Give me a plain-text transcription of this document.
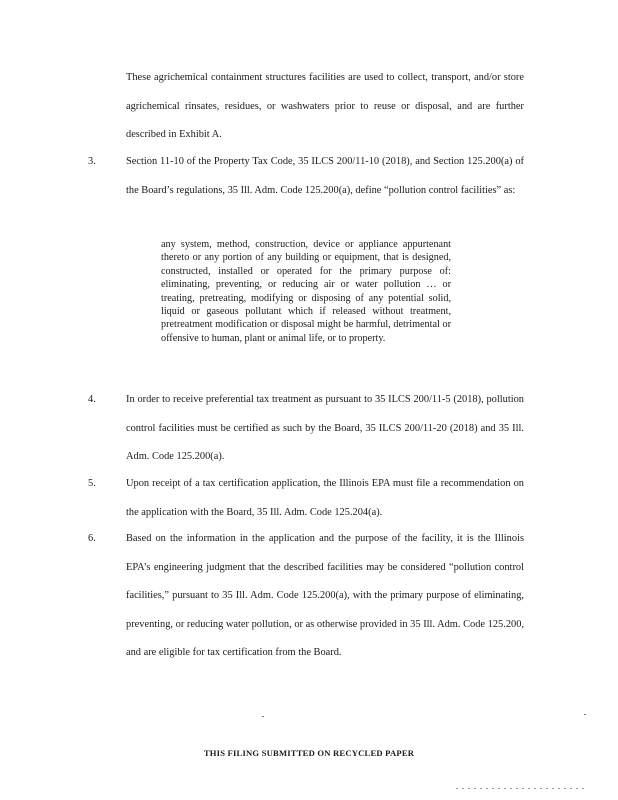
These agrichemical containment structures facilities are used to collect, transport, and/or store agrichemical rinsates, residues, or washwaters prior to reuse or disposal, and are further described in Exhibit A.
3.	Section 11-10 of the Property Tax Code, 35 ILCS 200/11-10 (2018), and Section 125.200(a) of the Board’s regulations, 35 Ill. Adm. Code 125.200(a), define “pollution control facilities” as:
any system, method, construction, device or appliance appurtenant thereto or any portion of any building or equipment, that is designed, constructed, installed or operated for the primary purpose of: eliminating, preventing, or reducing air or water pollution … or treating, pretreating, modifying or disposing of any potential solid, liquid or gaseous pollutant which if released without treatment, pretreatment modification or disposal might be harmful, detrimental or offensive to human, plant or animal life, or to property.
4.	In order to receive preferential tax treatment as pursuant to 35 ILCS 200/11-5 (2018), pollution control facilities must be certified as such by the Board, 35 ILCS 200/11-20 (2018) and 35 Ill. Adm. Code 125.200(a).
5.	Upon receipt of a tax certification application, the Illinois EPA must file a recommendation on the application with the Board, 35 Ill. Adm. Code 125.204(a).
6.	Based on the information in the application and the purpose of the facility, it is the Illinois EPA’s engineering judgment that the described facilities may be considered “pollution control facilities,” pursuant to 35 Ill. Adm. Code 125.200(a), with the primary purpose of eliminating, preventing, or reducing water pollution, or as otherwise provided in 35 Ill. Adm. Code 125.200, and are eligible for tax certification from the Board.
THIS FILING SUBMITTED ON RECYCLED PAPER
